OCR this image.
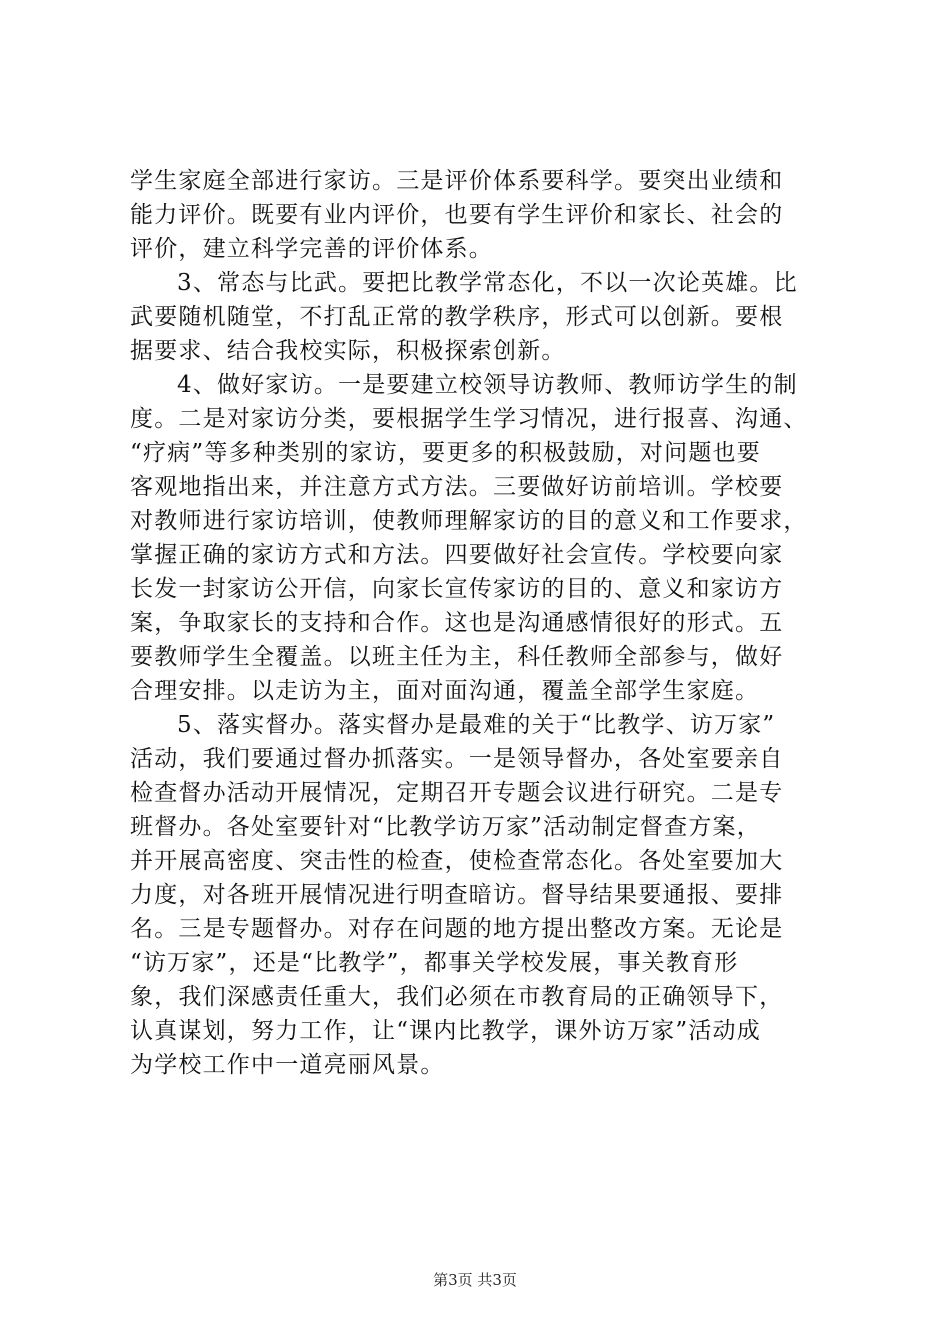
学生家庭全部进行家访。三是评价体系要科学。要突出业绩和
能力评价。既要有业内评价，也要有学生评价和家长、社会的
评价，建立科学完善的评价体系。
3、常态与比武。要把比教学常态化，不以一次论英雄。比
武要随机随堂，不打乱正常的教学秩序，形式可以创新。要根
据要求、结合我校实际，积极探索创新。
4、做好家访。一是要建立校领导访教师、教师访学生的制
度。二是对家访分类，要根据学生学习情况，进行报喜、沟通、
“疗病”等多种类别的家访，要更多的积极鼓励，对问题也要
客观地指出来，并注意方式方法。三要做好访前培训。学校要
对教师进行家访培训，使教师理解家访的目的意义和工作要求，
掌握正确的家访方式和方法。四要做好社会宣传。学校要向家
长发一封家访公开信，向家长宣传家访的目的、意义和家访方
案，争取家长的支持和合作。这也是沟通感情很好的形式。五
要教师学生全覆盖。以班主任为主，科任教师全部参与，做好
合理安排。以走访为主，面对面沟通，覆盖全部学生家庭。
5、落实督办。落实督办是最难的关于“比教学、访万家”
活动，我们要通过督办抓落实。一是领导督办，各处室要亲自
检查督办活动开展情况，定期召开专题会议进行研究。二是专
班督办。各处室要针对“比教学访万家”活动制定督查方案，
并开展高密度、突击性的检查，使检查常态化。各处室要加大
力度，对各班开展情况进行明查暗访。督导结果要通报、要排
名。三是专题督办。对存在问题的地方提出整改方案。无论是
“访万家”，还是“比教学”，都事关学校发展，事关教育形
象，我们深感责任重大，我们必须在市教育局的正确领导下，
认真谋划，努力工作，让“课内比教学，课外访万家”活动成
为学校工作中一道亮丽风景。
第3页 共3页
